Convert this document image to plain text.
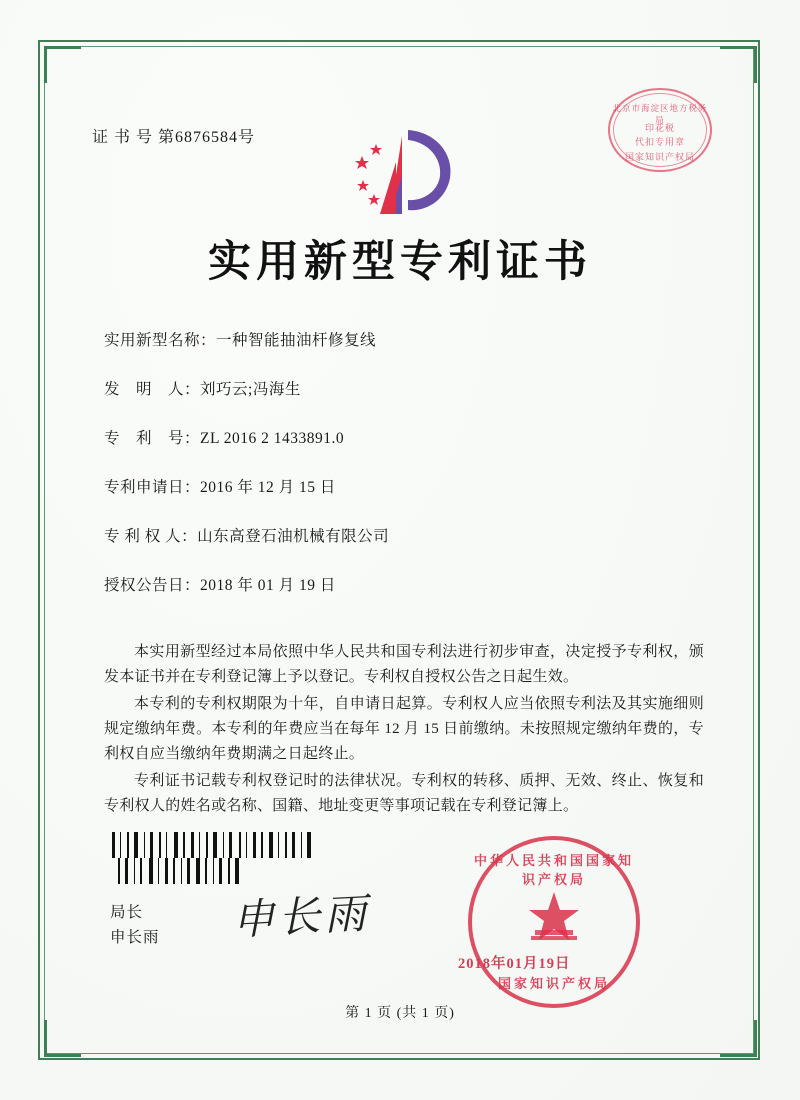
证 书 号 第6876584号
北京市海淀区地方税务局
印花税
代扣专用章
国家知识产权局
实用新型专利证书
实用新型名称：一种智能抽油杆修复线
发　明　人：刘巧云;冯海生
专　利　号：ZL 2016 2 1433891.0
专利申请日：2016 年 12 月 15 日
专 利 权 人：山东高登石油机械有限公司
授权公告日：2018 年 01 月 19 日

本实用新型经过本局依照中华人民共和国专利法进行初步审查，决定授予专利权，颁发本证书并在专利登记簿上予以登记。专利权自授权公告之日起生效。

本专利的专利权期限为十年，自申请日起算。专利权人应当依照专利法及其实施细则规定缴纳年费。本专利的年费应当在每年 12 月 15 日前缴纳。未按照规定缴纳年费的，专利权自应当缴纳年费期满之日起终止。

专利证书记载专利权登记时的法律状况。专利权的转移、质押、无效、终止、恢复和专利权人的姓名或名称、国籍、地址变更等事项记载在专利登记簿上。

局长
申长雨 申长雨
中华人民共和国国家知识产权局
国家知识产权局
2018年01月19日
第 1 页 (共 1 页)
